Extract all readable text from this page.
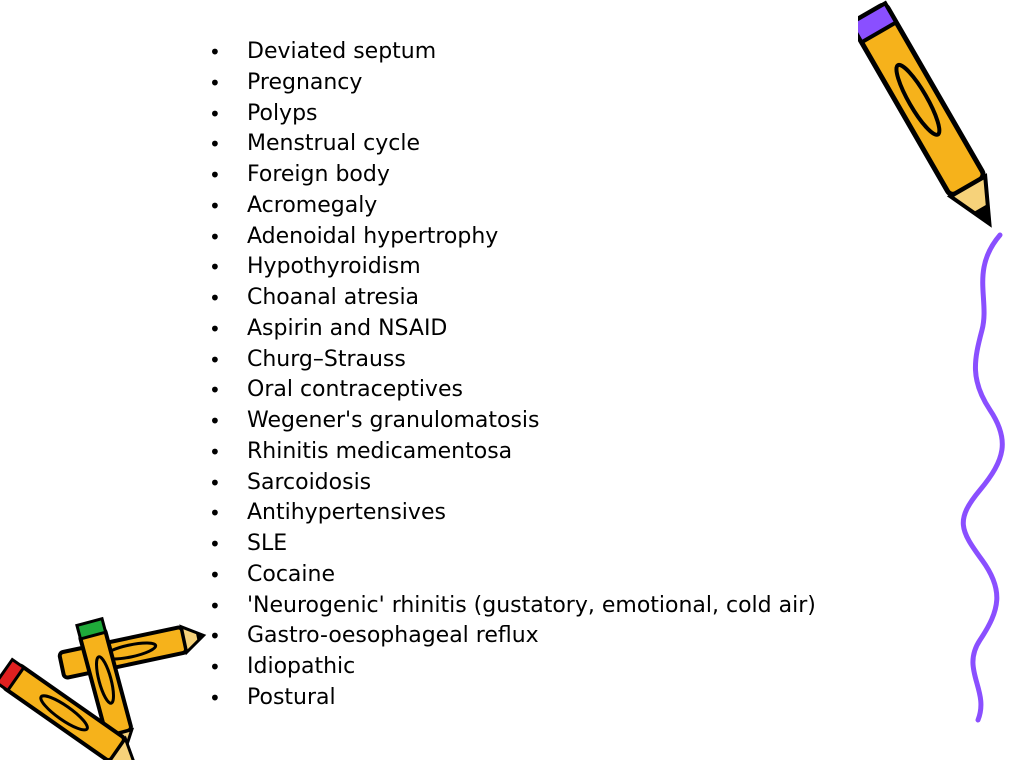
• Deviated septum
• Pregnancy
• Polyps
• Menstrual cycle
• Foreign body
• Acromegaly
• Adenoidal hypertrophy
• Hypothyroidism
• Choanal atresia
• Aspirin and NSAID
• Churg–Strauss
• Oral contraceptives
• Wegener's granulomatosis
• Rhinitis medicamentosa
• Sarcoidosis
• Antihypertensives
• SLE
• Cocaine
• 'Neurogenic' rhinitis (gustatory, emotional, cold air)
• Gastro-oesophageal reflux
• Idiopathic
• Postural
